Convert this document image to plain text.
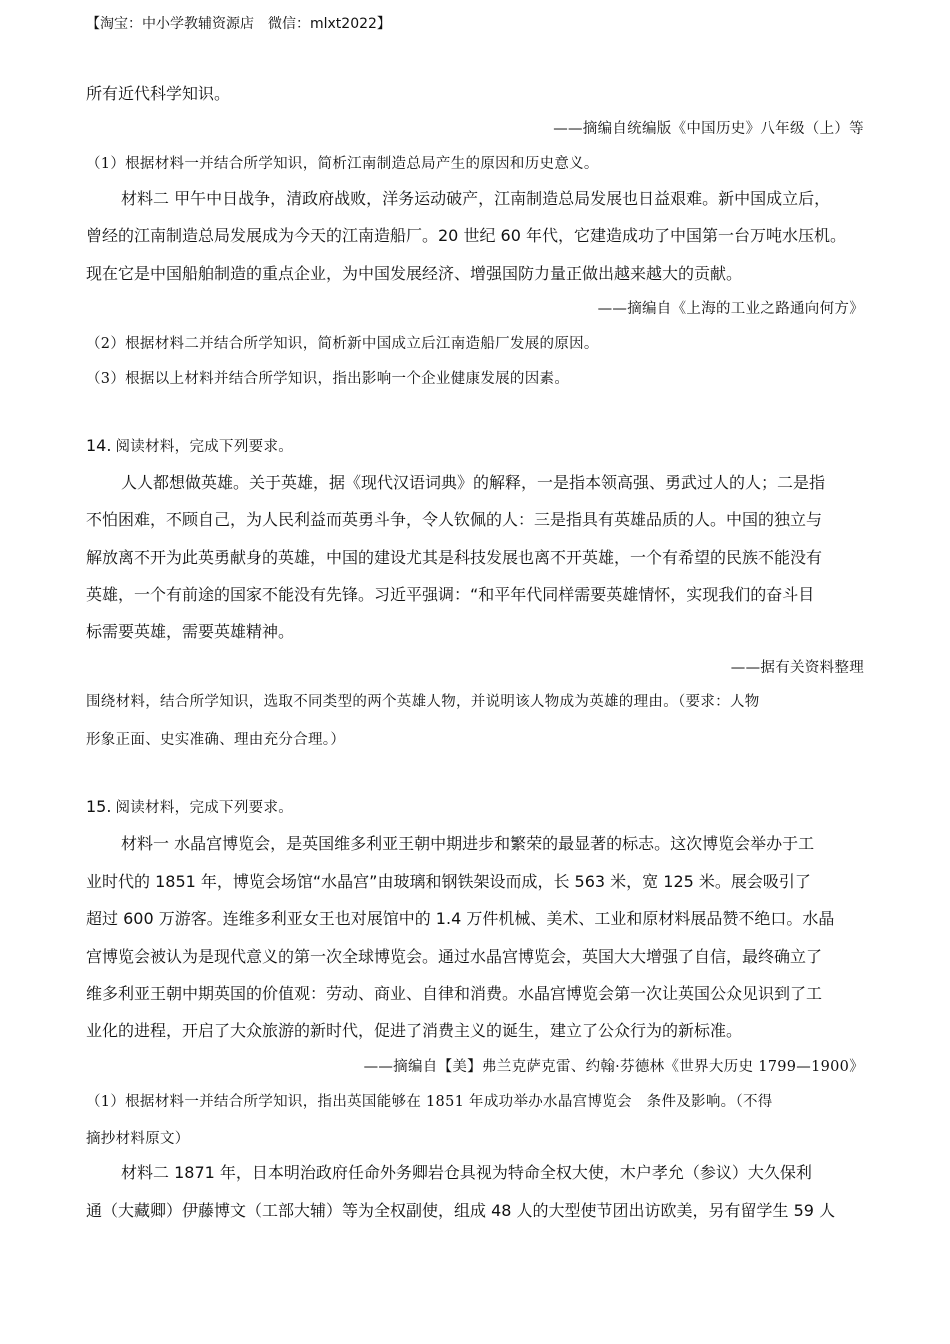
【淘宝：中小学教辅资源店　微信：mlxt2022】
所有近代科学知识。
——摘编自统编版《中国历史》八年级（上）等
（1）根据材料一并结合所学知识，简析江南制造总局产生的原因和历史意义。
材料二 甲午中日战争，清政府战败，洋务运动破产，江南制造总局发展也日益艰难。新中国成立后，
曾经的江南制造总局发展成为今天的江南造船厂。20 世纪 60 年代，它建造成功了中国第一台万吨水压机。
现在它是中国船舶制造的重点企业，为中国发展经济、增强国防力量正做出越来越大的贡献。
——摘编自《上海的工业之路通向何方》
（2）根据材料二并结合所学知识，简析新中国成立后江南造船厂发展的原因。
（3）根据以上材料并结合所学知识，指出影响一个企业健康发展的因素。
14. 阅读材料，完成下列要求。
人人都想做英雄。关于英雄，据《现代汉语词典》的解释，一是指本领高强、勇武过人的人；二是指
不怕困难，不顾自己，为人民利益而英勇斗争，令人钦佩的人：三是指具有英雄品质的人。中国的独立与
解放离不开为此英勇献身的英雄，中国的建设尤其是科技发展也离不开英雄，一个有希望的民族不能没有
英雄，一个有前途的国家不能没有先锋。习近平强调：“和平年代同样需要英雄情怀，实现我们的奋斗目
标需要英雄，需要英雄精神。
——据有关资料整理
围绕材料，结合所学知识，选取不同类型的两个英雄人物，并说明该人物成为英雄的理由。（要求：人物
形象正面、史实准确、理由充分合理。）
15. 阅读材料，完成下列要求。
材料一 水晶宫博览会，是英国维多利亚王朝中期进步和繁荣的最显著的标志。这次博览会举办于工
业时代的 1851 年，博览会场馆“水晶宫”由玻璃和钢铁架设而成，长 563 米，宽 125 米。展会吸引了
超过 600 万游客。连维多利亚女王也对展馆中的 1.4 万件机械、美术、工业和原材料展品赞不绝口。水晶
宫博览会被认为是现代意义的第一次全球博览会。通过水晶宫博览会，英国大大增强了自信，最终确立了
维多利亚王朝中期英国的价值观：劳动、商业、自律和消费。水晶宫博览会第一次让英国公众见识到了工
业化的进程，开启了大众旅游的新时代，促进了消费主义的诞生，建立了公众行为的新标准。
——摘编自【美】弗兰克萨克雷、约翰·芬德林《世界大历史 1799—1900》
（1）根据材料一并结合所学知识，指出英国能够在 1851 年成功举办水晶宫博览会　条件及影响。（不得
摘抄材料原文）
材料二 1871 年，日本明治政府任命外务卿岩仓具视为特命全权大使，木户孝允（参议）大久保利
通（大藏卿）伊藤博文（工部大辅）等为全权副使，组成 48 人的大型使节团出访欧美，另有留学生 59 人
